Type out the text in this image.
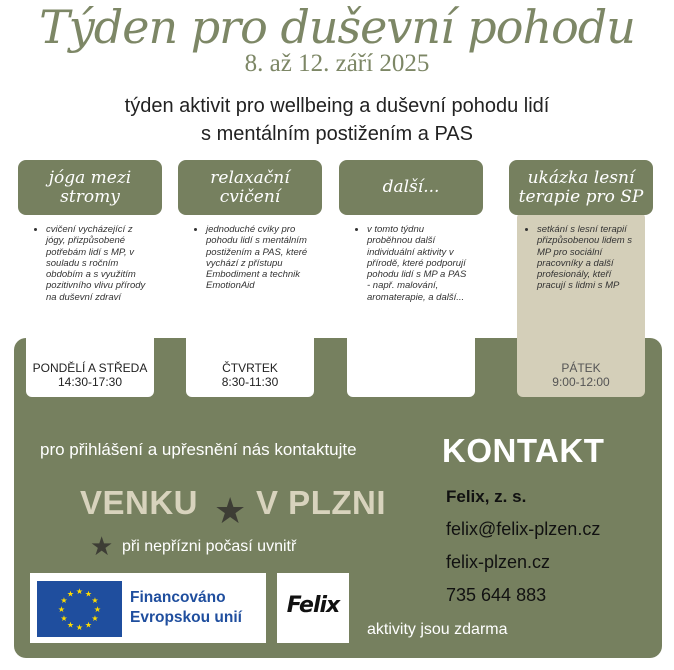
Týden pro duševní pohodu
8. až 12. září 2025
týden aktivit pro wellbeing a duševní pohodu lidí
s mentálním postižením a PAS
• cvičení vycházející z jógy, přizpůsobené potřebám lidí s MP, v souladu s ročním obdobím a s využitím pozitivního vlivu přírody na duševní zdraví
PONDĚLÍ A STŘEDA
14:30-17:30
jóga mezi
stromy
• jednoduché cviky pro pohodu lidí s mentálním postižením a PAS, které vychází z přístupu Embodiment a technik EmotionAid
ČTVRTEK
8:30-11:30
relaxační
cvičení
• v tomto týdnu proběhnou další individuální aktivity v přírodě, které podporují pohodu lidí s MP a PAS - např. malování, aromaterapie, a další...
další...
• setkání s lesní terapií přizpůsobenou lidem s MP pro sociální pracovníky a další profesionály, kteří pracují s lidmi s MP
PÁTEK
9:00-12:00
ukázka lesní
terapie pro SP
pro přihlášení a upřesnění nás kontaktujte	KONTAKT
VENKU ★ V PLZNI
★ při nepřízni počasí uvnitř
Felix, z. s.
felix@felix-plzen.cz
felix-plzen.cz
735 644 883
aktivity jsou zdarma
★ ★
★
★
★
★
★
★
★
★
★
★	Financováno
Evropskou unií	Felix
